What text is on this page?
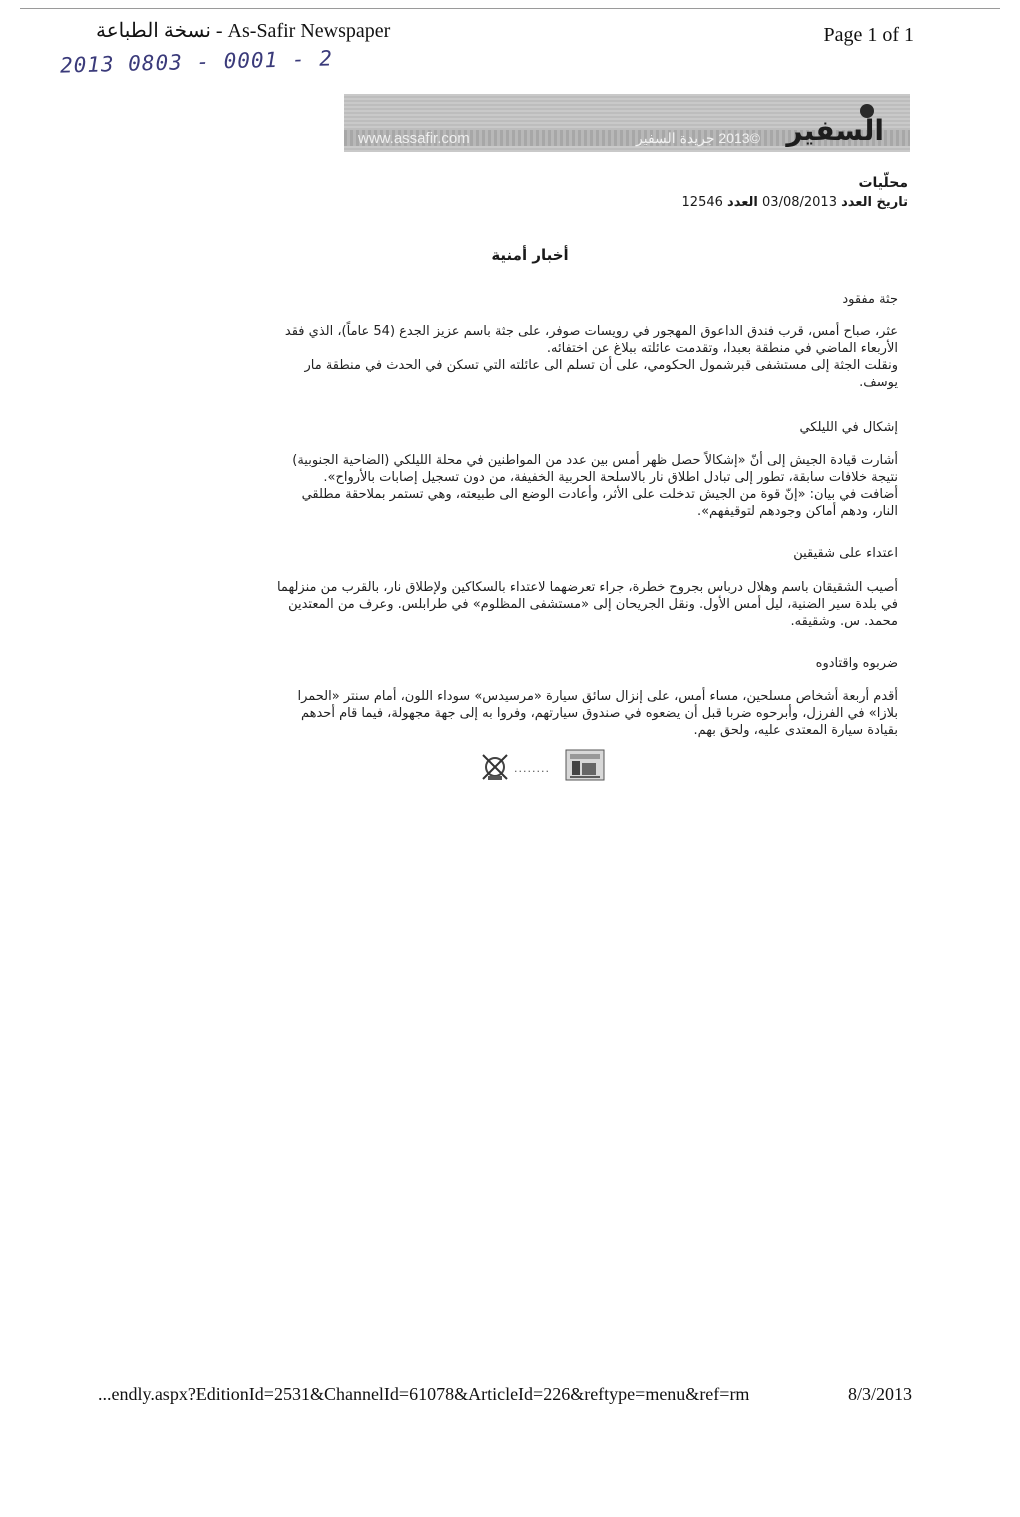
نسخة الطباعة - As-Safir Newspaper	Page 1 of 1
2013 0803 - 0001 - 2
www.assafir.com	©2013 جريدة السفير السفير
محلّيات
تاريخ العدد 03/08/2013 العدد 12546
أخبار أمنية
جثة مفقود
عثر، صباح أمس، قرب فندق الداعوق المهجور في رويسات صوفر، على جثة باسم عزيز الجدع (54 عاماً)، الذي فقد
الأربعاء الماضي في منطقة بعبدا، وتقدمت عائلته ببلاغ عن اختفائه.
ونقلت الجثة إلى مستشفى قبرشمول الحكومي، على أن تسلم الى عائلته التي تسكن في الحدث في منطقة مار
يوسف.
إشكال في الليلكي
أشارت قيادة الجيش إلى أنّ «إشكالاً حصل ظهر أمس بين عدد من المواطنين في محلة الليلكي (الضاحية الجنوبية)
نتيجة خلافات سابقة، تطور إلى تبادل اطلاق نار بالاسلحة الحربية الخفيفة، من دون تسجيل إصابات بالأرواح».
أضافت في بيان: «إنّ قوة من الجيش تدخلت على الأثر، وأعادت الوضع الى طبيعته، وهي تستمر بملاحقة مطلقي
النار، ودهم أماكن وجودهم لتوقيفهم».
اعتداء على شقيقين
أصيب الشقيقان باسم وهلال درباس بجروح خطرة، جراء تعرضهما لاعتداء بالسكاكين ولإطلاق نار، بالقرب من منزلهما
في بلدة سير الضنية، ليل أمس الأول. ونقل الجريحان إلى «مستشفى المظلوم» في طرابلس. وعرف من المعتدين
محمد. س. وشقيقه.
ضربوه واقتادوه
أقدم أربعة أشخاص مسلحين، مساء أمس، على إنزال سائق سيارة «مرسيدس» سوداء اللون، أمام سنتر «الحمرا
بلازا» في الفرزل، وأبرحوه ضربا قبل أن يضعوه في صندوق سيارتهم، وفروا به إلى جهة مجهولة، فيما قام أحدهم
بقيادة سيارة المعتدى عليه، ولحق بهم.
........
...endly.aspx?EditionId=2531&ChannelId=61078&ArticleId=226&reftype=menu&ref=rm	8/3/2013
